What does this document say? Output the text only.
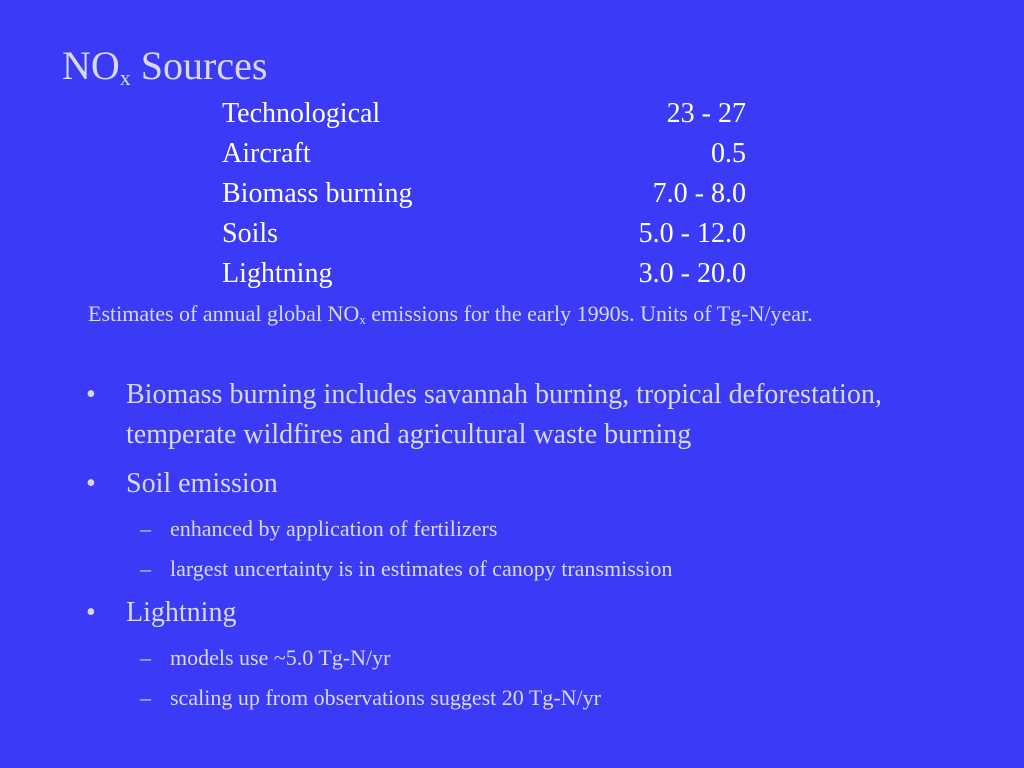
$NO_x$ Sources
Technological	23 - 27
Aircraft	0.5
Biomass burning	7.0 - 8.0
Soils	5.0 - 12.0
Lightning	3.0 - 20.0
Estimates of annual global $NO_x$ emissions for the early 1990s. Units of Tg-N/year.
• Biomass burning includes savannah burning, tropical deforestation, temperate wildfires and agricultural waste burning
• Soil emission
– enhanced by application of fertilizers
– largest uncertainty is in estimates of canopy transmission
• Lightning
– models use ~5.0 Tg-N/yr
– scaling up from observations suggest 20 Tg-N/yr
